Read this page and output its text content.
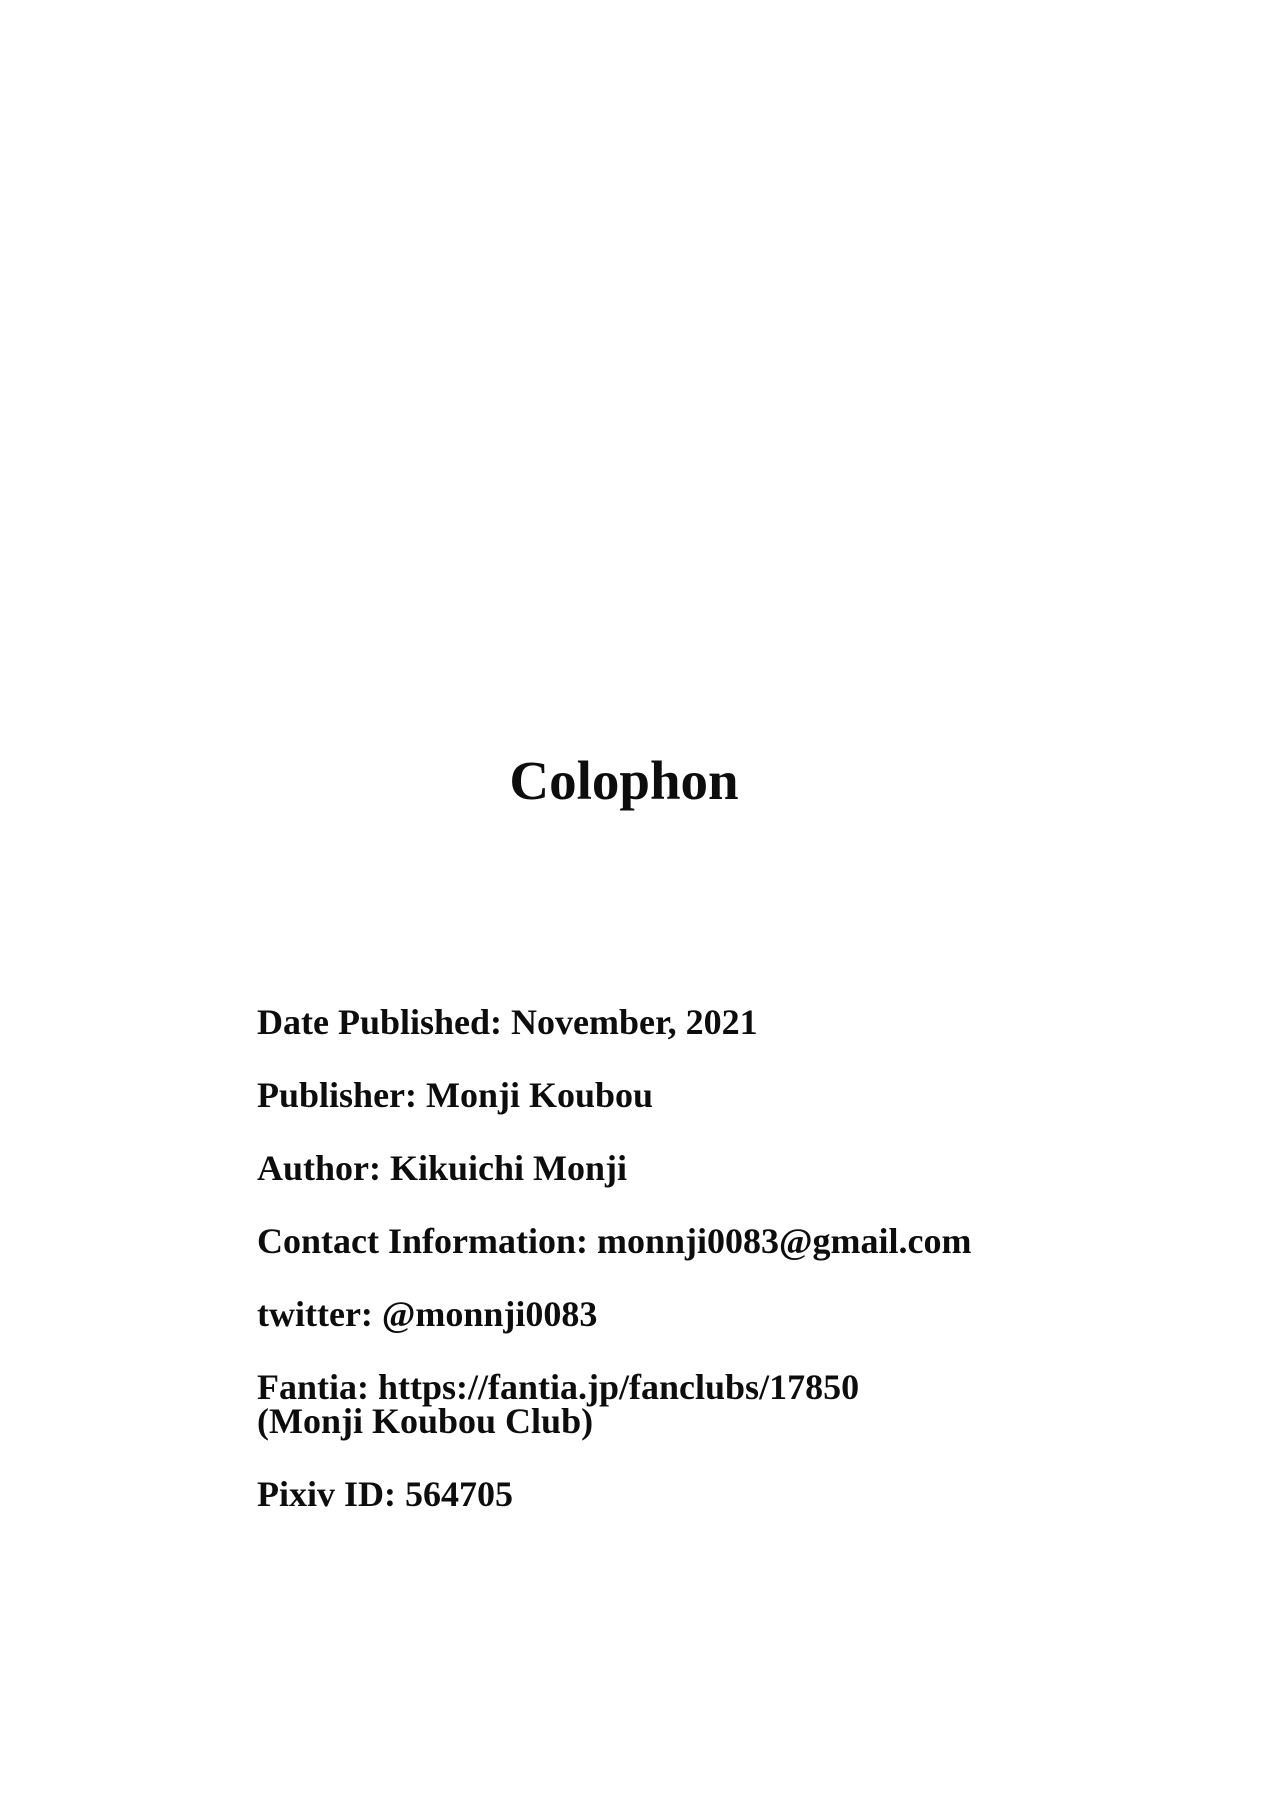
Colophon

Date Published: November, 2021

Publisher: Monji Koubou

Author: Kikuichi Monji

Contact Information: monnji0083@gmail.com

twitter: @monnji0083

Fantia: https://fantia.jp/fanclubs/17850

(Monji Koubou Club)

Pixiv ID: 564705
